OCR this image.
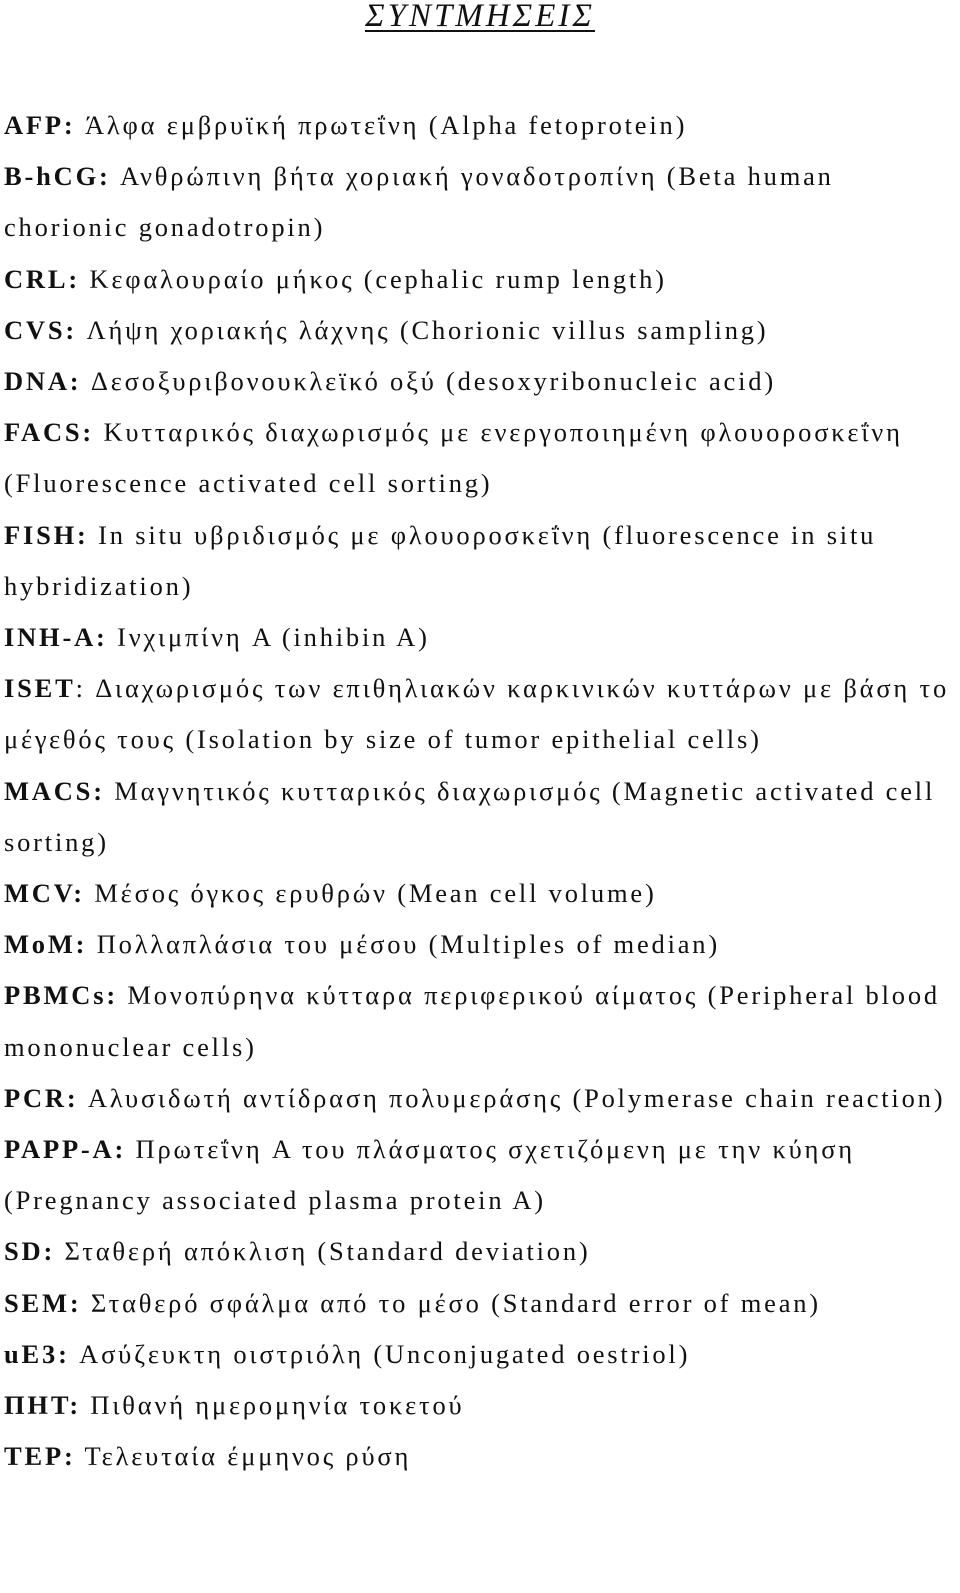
ΣΥΝΤΜΗΣΕΙΣ
AFP: Άλφα εμβρυϊκή πρωτεΐνη (Alpha fetoprotein)
B-hCG: Ανθρώπινη βήτα χοριακή γοναδοτροπίνη (Beta human chorionic gonadotropin)
CRL: Κεφαλουραίο μήκος (cephalic rump length)
CVS: Λήψη χοριακής λάχνης (Chorionic villus sampling)
DNA: Δεσοξυριβονουκλεϊκό οξύ (desoxyribonucleic acid)
FACS: Κυτταρικός διαχωρισμός με ενεργοποιημένη φλουοροσκεΐνη (Fluorescence activated cell sorting)
FISH: In situ υβριδισμός με φλουοροσκεΐνη (fluorescence in situ hybridization)
INH-A: Ινχιμπίνη A (inhibin A)
ISET: Διαχωρισμός των επιθηλιακών καρκινικών κυττάρων με βάση το μέγεθός τους (Isolation by size of tumor epithelial cells)
MACS: Μαγνητικός κυτταρικός διαχωρισμός (Magnetic activated cell sorting)
MCV: Μέσος όγκος ερυθρών (Mean cell volume)
MoM: Πολλαπλάσια του μέσου (Multiples of median)
PBMCs: Μονοπύρηνα κύτταρα περιφερικού αίματος (Peripheral blood mononuclear cells)
PCR: Αλυσιδωτή αντίδραση πολυμεράσης (Polymerase chain reaction)
PAPP-A: Πρωτεΐνη A του πλάσματος σχετιζόμενη με την κύηση (Pregnancy associated plasma protein A)
SD: Σταθερή απόκλιση (Standard deviation)
SEM: Σταθερό σφάλμα από το μέσο (Standard error of mean)
uE3: Ασύζευκτη οιστριόλη (Unconjugated oestriol)
ΠΗΤ: Πιθανή ημερομηνία τοκετού
ΤΕΡ: Τελευταία έμμηνος ρύση
